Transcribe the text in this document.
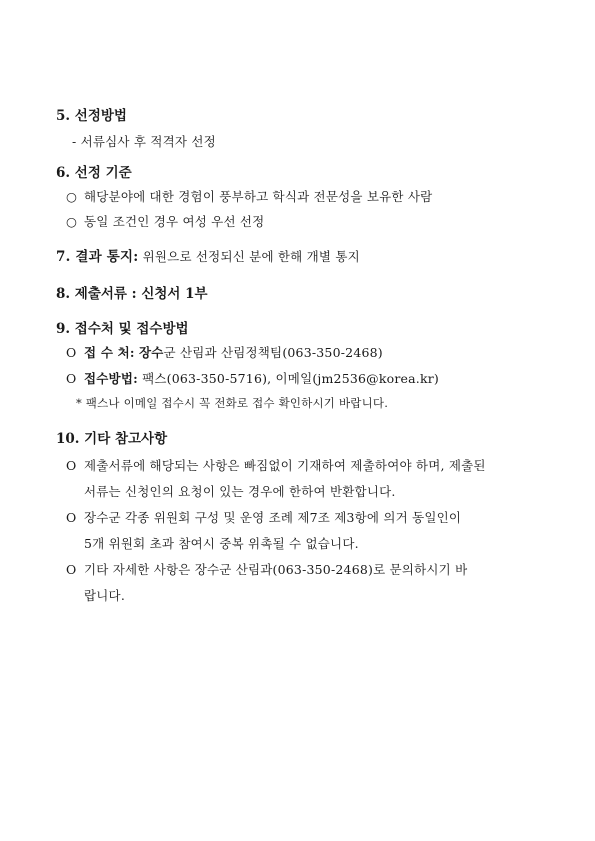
5. 선정방법
- 서류심사 후 적격자 선정
6. 선정 기준
○ 해당분야에 대한 경험이 풍부하고 학식과 전문성을 보유한 사람
○ 동일 조건인 경우 여성 우선 선정
7. 결과 통지: 위원으로 선정되신 분에 한해 개별 통지
8. 제출서류 : 신청서 1부
9. 접수처 및 접수방법
O 접 수 처: 장수군 산림과 산림정책팀(063-350-2468)
O 접수방법: 팩스(063-350-5716), 이메일(jm2536@korea.kr)
* 팩스나 이메일 접수시 꼭 전화로 접수 확인하시기 바랍니다.
10. 기타 참고사항
O 제출서류에 해당되는 사항은 빠짐없이 기재하여 제출하여야 하며, 제출된
서류는 신청인의 요청이 있는 경우에 한하여 반환합니다.
O 장수군 각종 위원회 구성 및 운영 조례 제7조 제3항에 의거 동일인이
5개 위원회 초과 참여시 중복 위촉될 수 없습니다.
O 기타 자세한 사항은 장수군 산림과(063-350-2468)로 문의하시기 바
랍니다.
